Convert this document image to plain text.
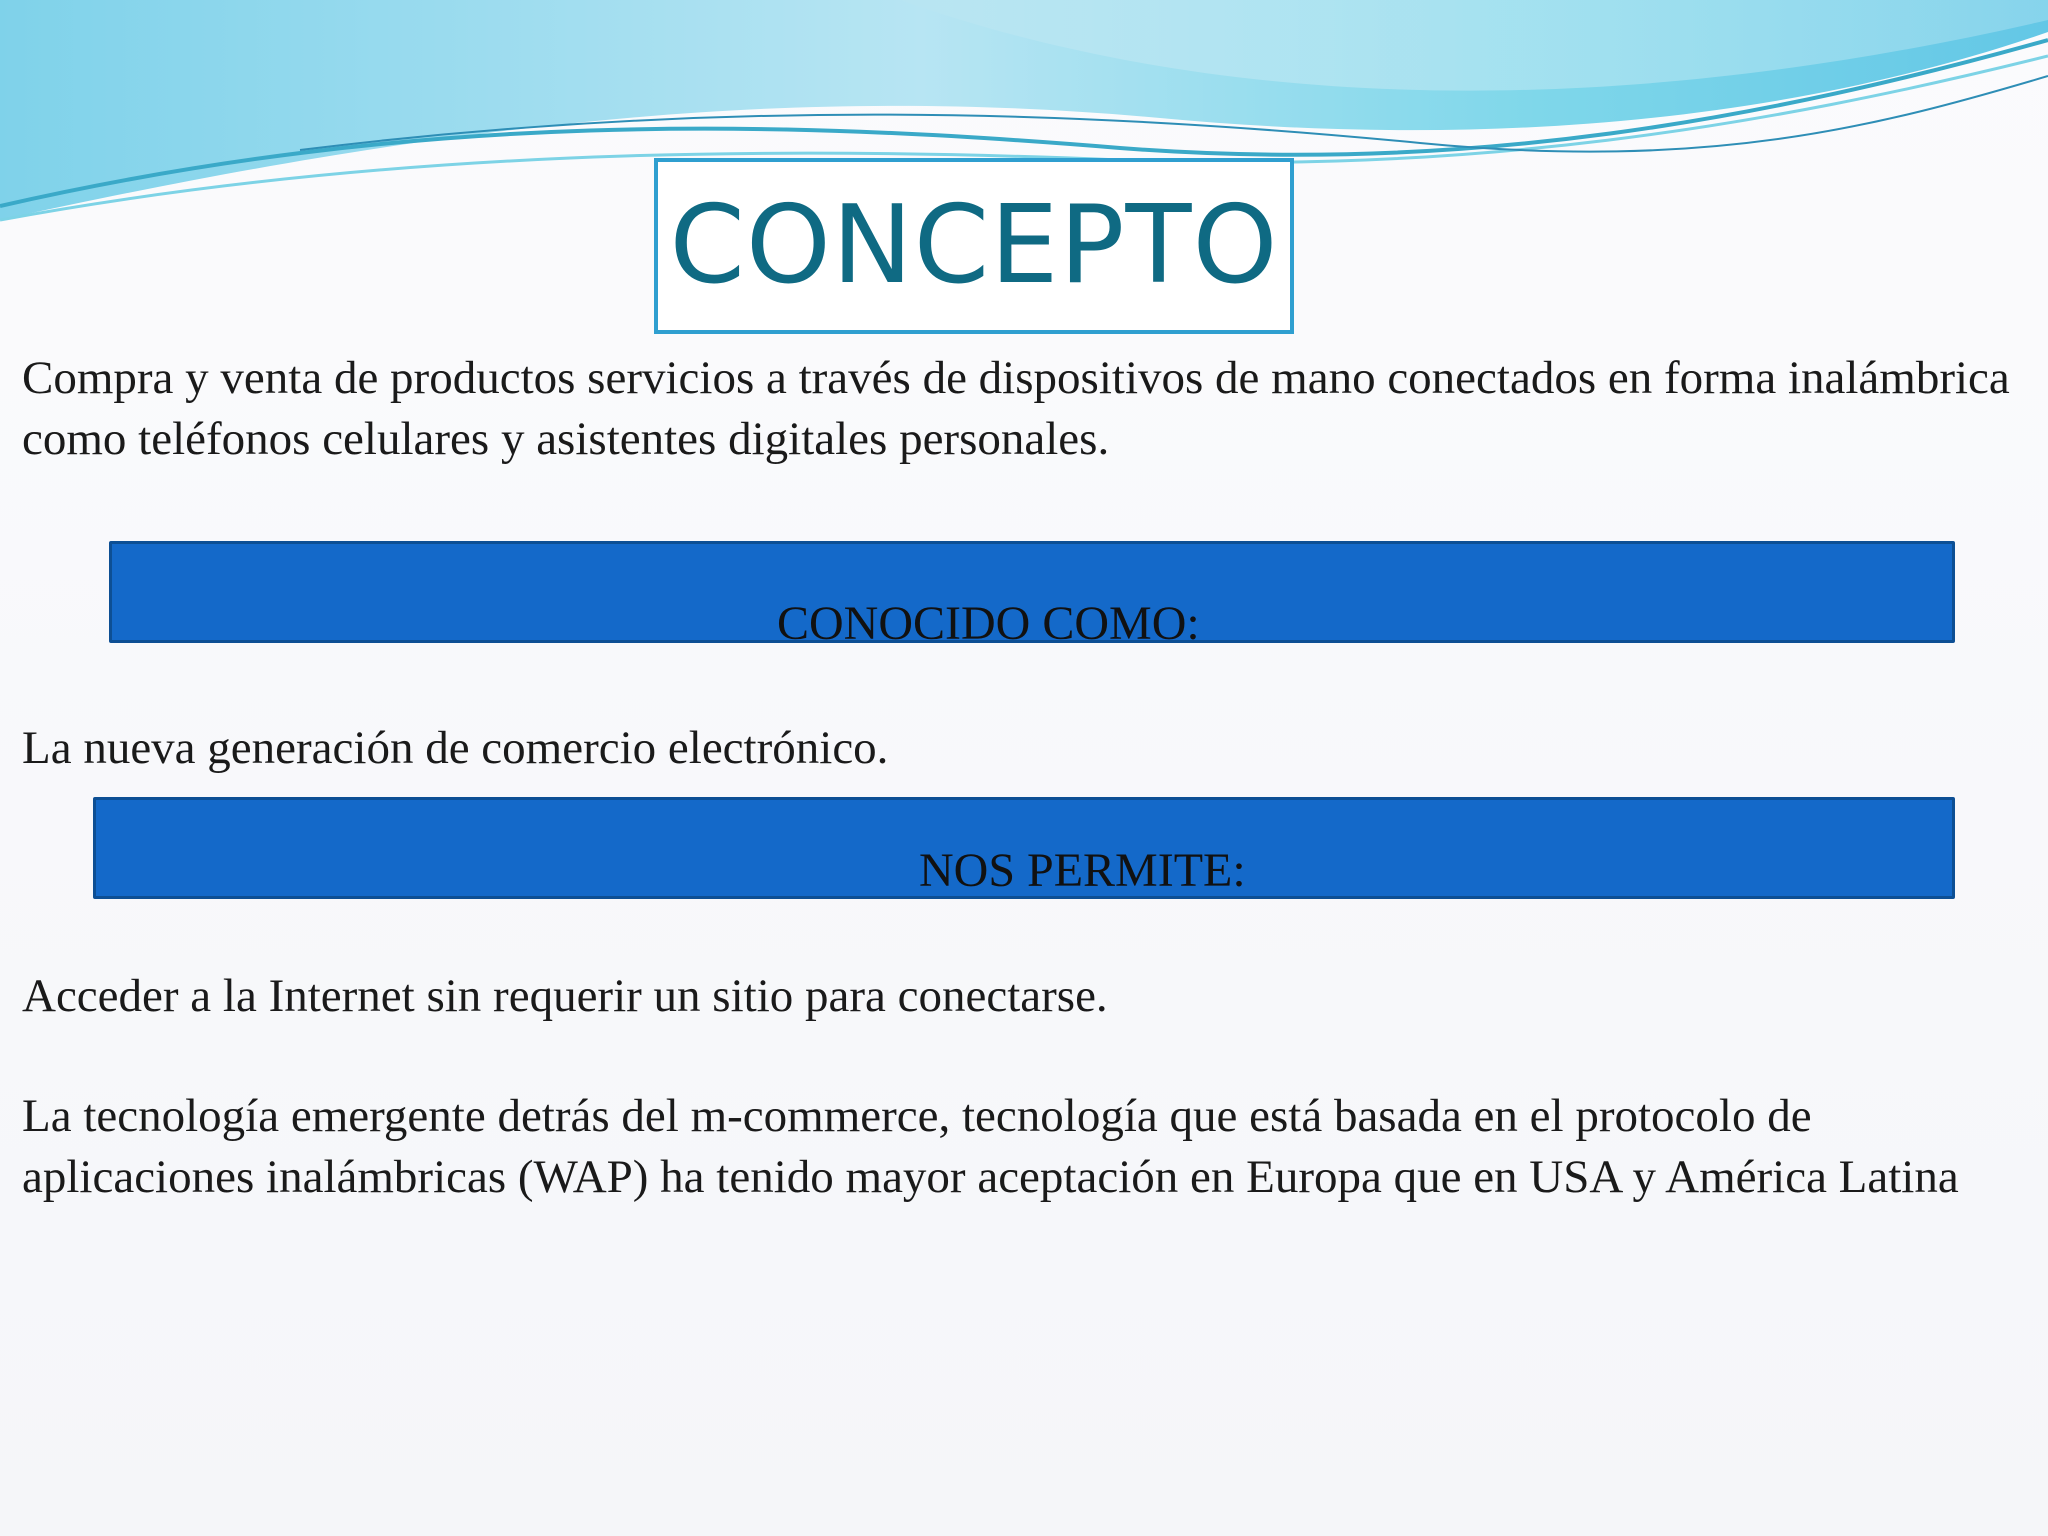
CONCEPTO
Compra y venta de productos servicios a través de dispositivos de mano conectados en forma inalámbrica como teléfonos celulares y asistentes digitales personales.
CONOCIDO COMO:
La nueva generación de comercio electrónico.
NOS PERMITE:
Acceder a la Internet sin requerir un sitio para conectarse.
La tecnología emergente detrás del m-commerce, tecnología que está basada en el protocolo de aplicaciones inalámbricas (WAP) ha tenido mayor aceptación en Europa que en USA y América Latina
